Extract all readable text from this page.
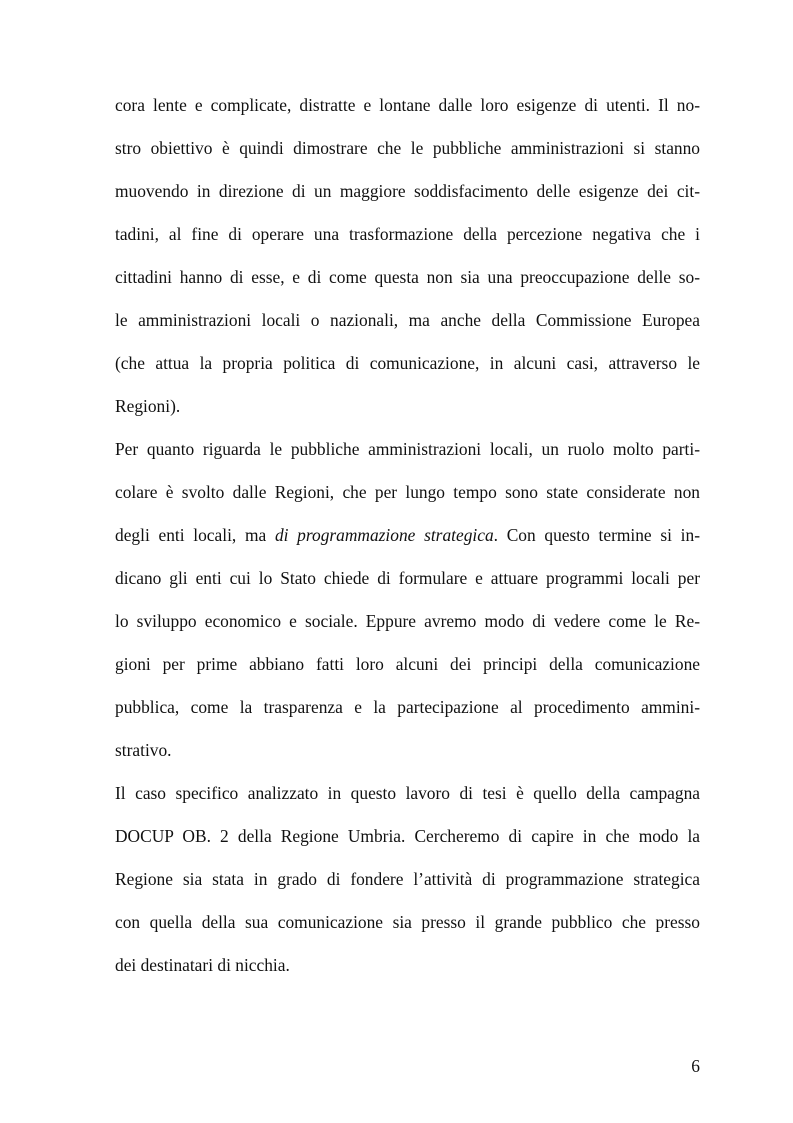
cora lente e complicate, distratte e lontane dalle loro esigenze di utenti. Il no-
stro obiettivo è quindi dimostrare che le pubbliche amministrazioni si stanno
muovendo in direzione di un maggiore soddisfacimento delle esigenze dei cit-
tadini, al fine di operare una trasformazione della percezione negativa che i
cittadini hanno di esse, e di come questa non sia una preoccupazione delle so-
le amministrazioni locali o nazionali, ma anche della Commissione Europea
(che attua la propria politica di comunicazione, in alcuni casi, attraverso le
Regioni).
Per quanto riguarda le pubbliche amministrazioni locali, un ruolo molto parti-
colare è svolto dalle Regioni, che per lungo tempo sono state considerate non
degli enti locali, ma di programmazione strategica. Con questo termine si in-
dicano gli enti cui lo Stato chiede di formulare e attuare programmi locali per
lo sviluppo economico e sociale. Eppure avremo modo di vedere come le Re-
gioni per prime abbiano fatti loro alcuni dei principi della comunicazione
pubblica, come la trasparenza e la partecipazione al procedimento ammini-
strativo.
Il caso specifico analizzato in questo lavoro di tesi è quello della campagna
DOCUP OB. 2 della Regione Umbria. Cercheremo di capire in che modo la
Regione sia stata in grado di fondere l’attività di programmazione strategica
con quella della sua comunicazione sia presso il grande pubblico che presso
dei destinatari di nicchia.
6
